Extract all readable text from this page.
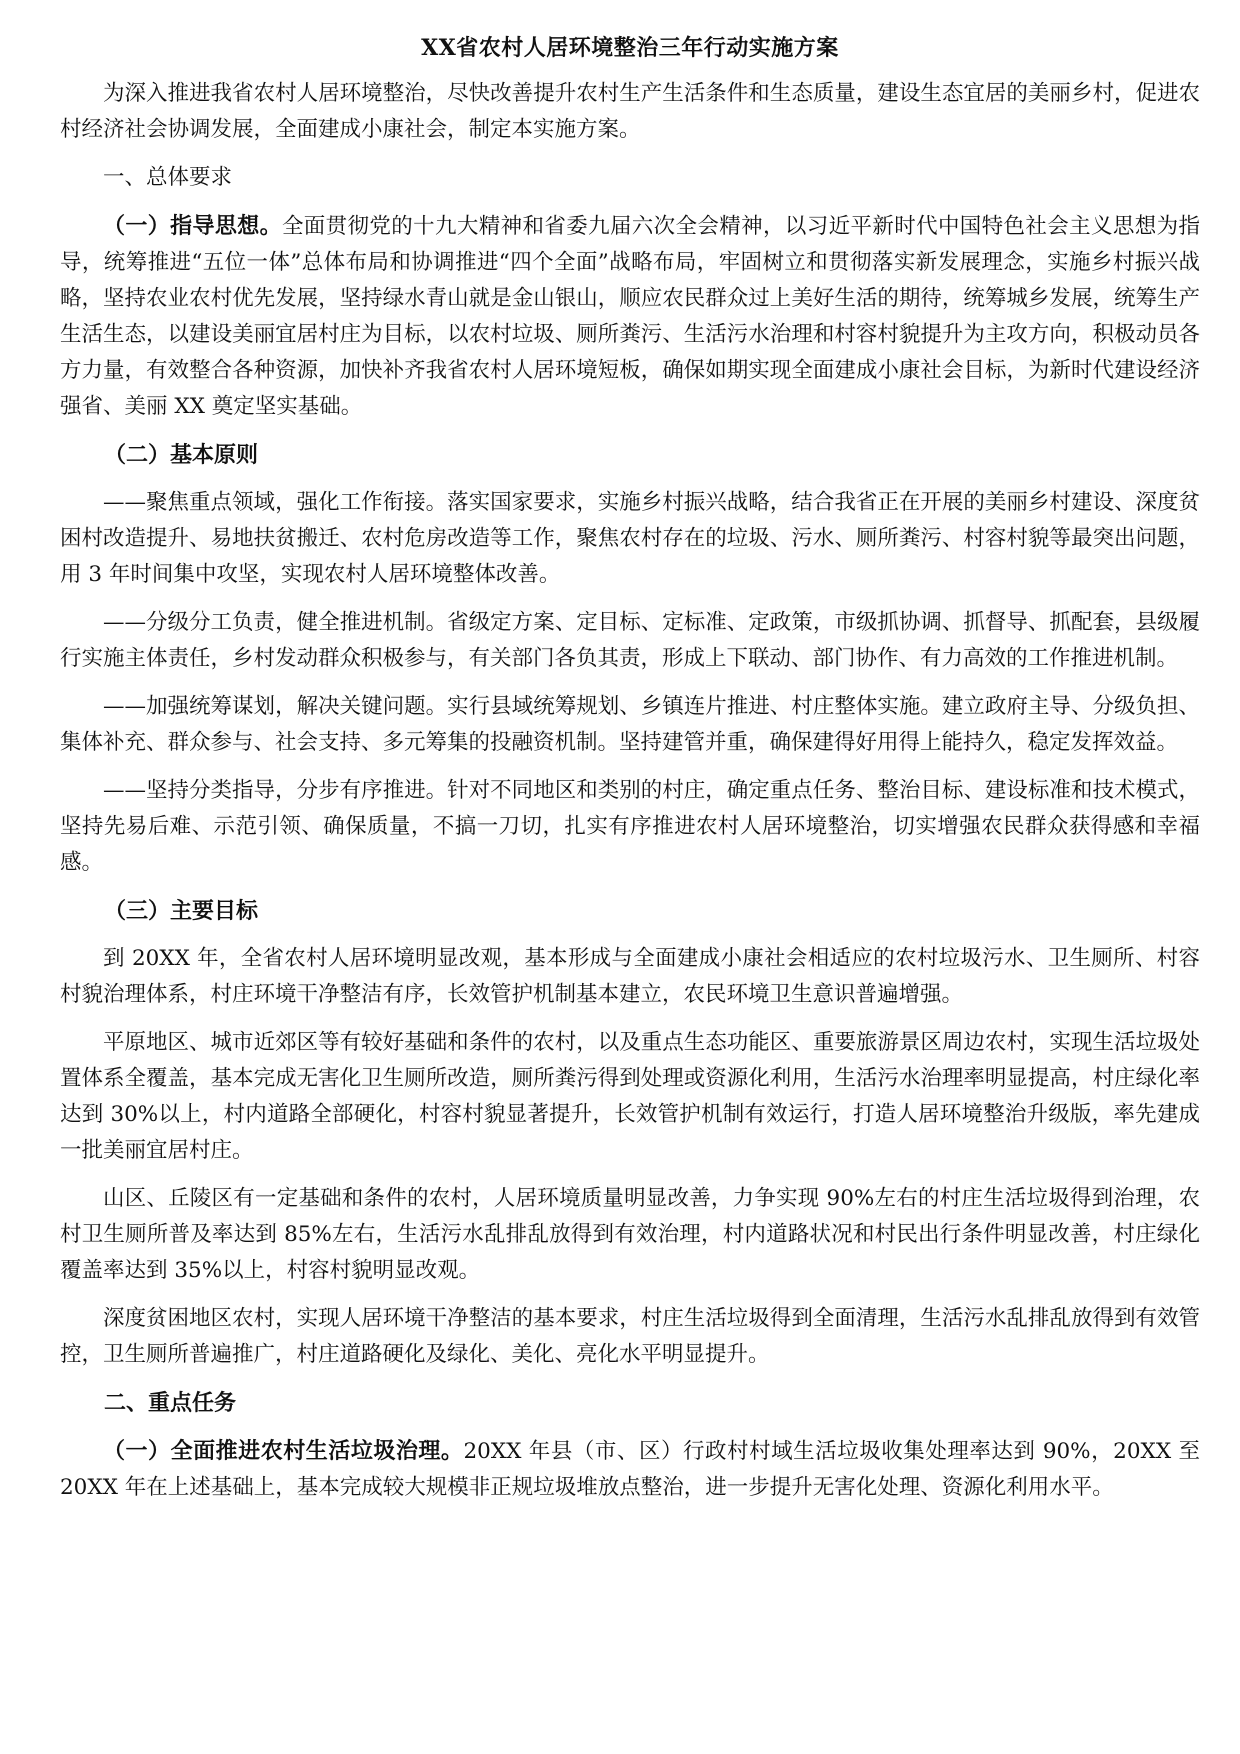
XX省农村人居环境整治三年行动实施方案

为深入推进我省农村人居环境整治，尽快改善提升农村生产生活条件和生态质量，建设生态宜居的美丽乡村，促进农村经济社会协调发展，全面建成小康社会，制定本实施方案。

一、总体要求

（一）指导思想。全面贯彻党的十九大精神和省委九届六次全会精神，以习近平新时代中国特色社会主义思想为指导，统筹推进“五位一体”总体布局和协调推进“四个全面”战略布局，牢固树立和贯彻落实新发展理念，实施乡村振兴战略，坚持农业农村优先发展，坚持绿水青山就是金山银山，顺应农民群众过上美好生活的期待，统筹城乡发展，统筹生产生活生态，以建设美丽宜居村庄为目标，以农村垃圾、厕所粪污、生活污水治理和村容村貌提升为主攻方向，积极动员各方力量，有效整合各种资源，加快补齐我省农村人居环境短板，确保如期实现全面建成小康社会目标，为新时代建设经济强省、美丽 XX 奠定坚实基础。

（二）基本原则

——聚焦重点领域，强化工作衔接。落实国家要求，实施乡村振兴战略，结合我省正在开展的美丽乡村建设、深度贫困村改造提升、易地扶贫搬迁、农村危房改造等工作，聚焦农村存在的垃圾、污水、厕所粪污、村容村貌等最突出问题，用 3 年时间集中攻坚，实现农村人居环境整体改善。

——分级分工负责，健全推进机制。省级定方案、定目标、定标准、定政策，市级抓协调、抓督导、抓配套，县级履行实施主体责任，乡村发动群众积极参与，有关部门各负其责，形成上下联动、部门协作、有力高效的工作推进机制。

——加强统筹谋划，解决关键问题。实行县域统筹规划、乡镇连片推进、村庄整体实施。建立政府主导、分级负担、集体补充、群众参与、社会支持、多元筹集的投融资机制。坚持建管并重，确保建得好用得上能持久，稳定发挥效益。

——坚持分类指导，分步有序推进。针对不同地区和类别的村庄，确定重点任务、整治目标、建设标准和技术模式，坚持先易后难、示范引领、确保质量，不搞一刀切，扎实有序推进农村人居环境整治，切实增强农民群众获得感和幸福感。

（三）主要目标

到 20XX 年，全省农村人居环境明显改观，基本形成与全面建成小康社会相适应的农村垃圾污水、卫生厕所、村容村貌治理体系，村庄环境干净整洁有序，长效管护机制基本建立，农民环境卫生意识普遍增强。

平原地区、城市近郊区等有较好基础和条件的农村，以及重点生态功能区、重要旅游景区周边农村，实现生活垃圾处置体系全覆盖，基本完成无害化卫生厕所改造，厕所粪污得到处理或资源化利用，生活污水治理率明显提高，村庄绿化率达到 30%以上，村内道路全部硬化，村容村貌显著提升，长效管护机制有效运行，打造人居环境整治升级版，率先建成一批美丽宜居村庄。

山区、丘陵区有一定基础和条件的农村，人居环境质量明显改善，力争实现 90%左右的村庄生活垃圾得到治理，农村卫生厕所普及率达到 85%左右，生活污水乱排乱放得到有效治理，村内道路状况和村民出行条件明显改善，村庄绿化覆盖率达到 35%以上，村容村貌明显改观。

深度贫困地区农村，实现人居环境干净整洁的基本要求，村庄生活垃圾得到全面清理，生活污水乱排乱放得到有效管控，卫生厕所普遍推广，村庄道路硬化及绿化、美化、亮化水平明显提升。

二、重点任务

（一）全面推进农村生活垃圾治理。20XX 年县（市、区）行政村村域生活垃圾收集处理率达到 90%，20XX 至 20XX 年在上述基础上，基本完成较大规模非正规垃圾堆放点整治，进一步提升无害化处理、资源化利用水平。
